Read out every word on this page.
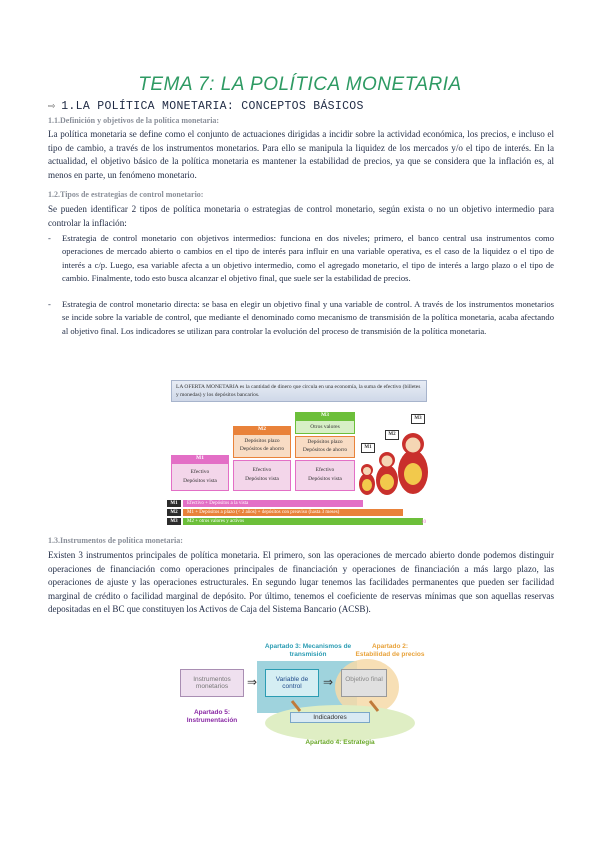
TEMA 7: LA POLÍTICA MONETARIA
⇨ 1.LA POLÍTICA MONETARIA: CONCEPTOS BÁSICOS
1.1.Definición y objetivos de la política monetaria:
La política monetaria se define como el conjunto de actuaciones dirigidas a incidir sobre la actividad económica, los precios, e incluso el tipo de cambio, a través de los instrumentos monetarios. Para ello se manipula la liquidez de los mercados y/o el tipo de interés. En la actualidad, el objetivo básico de la política monetaria es mantener la estabilidad de precios, ya que se considera que la inflación es, al menos en parte, un fenómeno monetario.
1.2.Tipos de estrategias de control monetario:
Se pueden identificar 2 tipos de política monetaria o estrategias de control monetario, según exista o no un objetivo intermedio para controlar la inflación:
- Estrategia de control monetario con objetivos intermedios: funciona en dos niveles; primero, el banco central usa instrumentos como operaciones de mercado abierto o cambios en el tipo de interés para influir en una variable operativa, es el caso de la liquidez o el tipo de interés a c/p. Luego, esa variable afecta a un objetivo intermedio, como el agregado monetario, el tipo de interés a largo plazo o el tipo de cambio. Finalmente, todo esto busca alcanzar el objetivo final, que suele ser la estabilidad de precios.
- Estrategia de control monetario directa: se basa en elegir un objetivo final y una variable de control. A través de los instrumentos monetarios se incide sobre la variable de control, que mediante el denominado como mecanismo de transmisión de la política monetaria, acaba afectando al objetivo final. Los indicadores se utilizan para controlar la evolución del proceso de transmisión de la política monetaria.
LA OFERTA MONETARIA es la cantidad de dinero que circula en una economía, la suma de efectivo (billetes y monedas) y los depósitos bancarios.
M1
Efectivo
Depósitos vista
M2
Depósitos plazo
Depósitos de ahorro
Efectivo
Depósitos vista
M3
Otros valores
Depósitos plazo
Depósitos de ahorro
Efectivo
Depósitos vista
M1
M2
M3
M1	Efectivo + Depósitos a la vista
M2	M1 + Depósitos a plazo (< 2 años) + depósitos con preaviso (hasta 3 meses)
M3	M2 + otros valores y activos	10
1.3.Instrumentos de política monetaria:
Existen 3 instrumentos principales de política monetaria. El primero, son las operaciones de mercado abierto donde podemos distinguir operaciones de financiación como operaciones principales de financiación y operaciones de financiación a más largo plazo, las operaciones de ajuste y las operaciones estructurales. En segundo lugar tenemos las facilidades permanentes que pueden ser facilidad marginal de crédito o facilidad marginal de depósito. Por último, tenemos el coeficiente de reservas mínimas que son aquellas reservas depositadas en el BC que constituyen los Activos de Caja del Sistema Bancario (ACSB).
Apartado 3: Mecanismos de transmisión
Apartado 2: Estabilidad de precios
Instrumentos monetarios	⇒	Variable de control	⇒	Objetivo final
Indicadores
Apartado 5: Instrumentación
Apartado 4: Estrategia
